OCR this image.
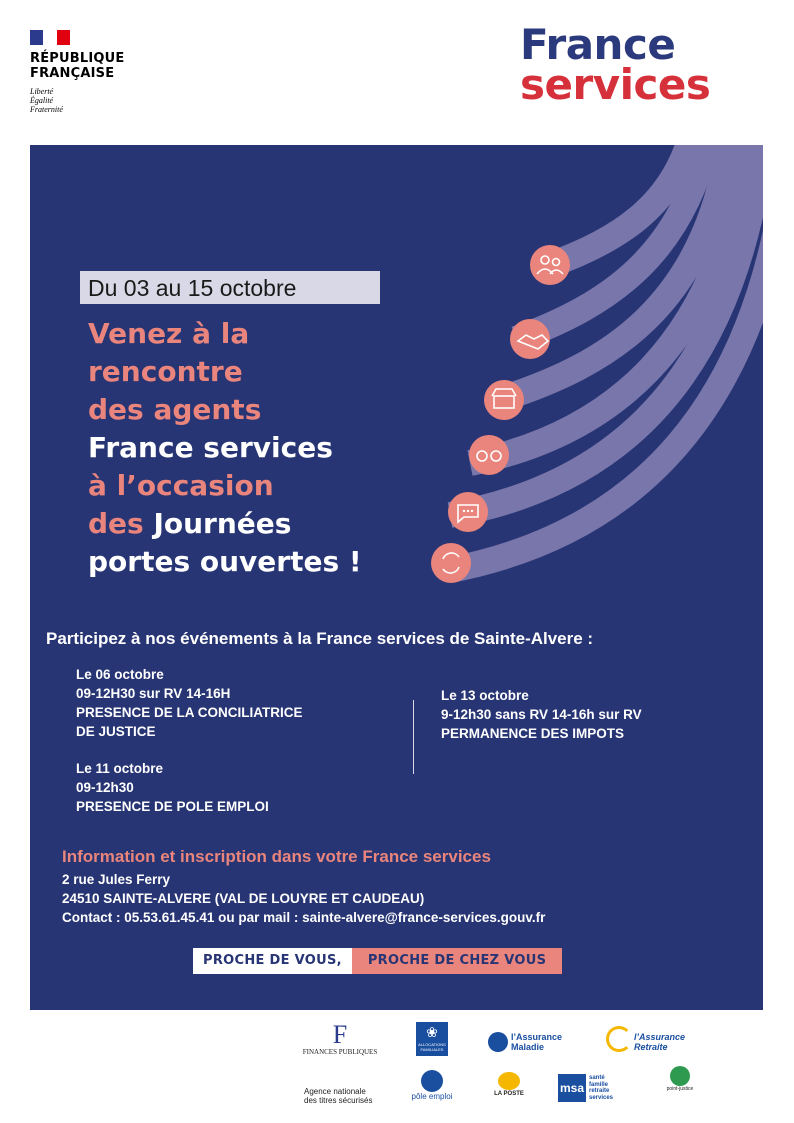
RÉPUBLIQUE
FRANÇAISE
Liberté
Égalité
Fraternité
France
services
Du 03 au 15 octobre
Venez à la
rencontre
des agents
France services
à l’occasion
des Journées
portes ouvertes !
Participez à nos événements à la France services de Sainte-Alvere :
Le 06 octobre
09-12H30 sur RV 14-16H
PRESENCE DE LA CONCILIATRICE
DE JUSTICE
Le 11 octobre
09-12h30
PRESENCE DE POLE EMPLOI
Le 13 octobre
9-12h30 sans RV 14-16h sur RV
PERMANENCE DES IMPOTS
Information et inscription dans votre France services
2 rue Jules Ferry
24510 SAINTE-ALVERE (VAL DE LOUYRE ET CAUDEAU)
Contact : 05.53.61.45.41 ou par mail : sainte-alvere@france-services.gouv.fr
PROCHE DE VOUS,	PROCHE DE CHEZ VOUS
F
FINANCES PUBLIQUES
❀
ALLOCATIONS FAMILIALES
l’Assurance
Maladie
l’Assurance
Retraite
Agence nationale
des titres sécurisés	pôle emploi	LA POSTE	msa
santé
famille
retraite
services
point-justice
